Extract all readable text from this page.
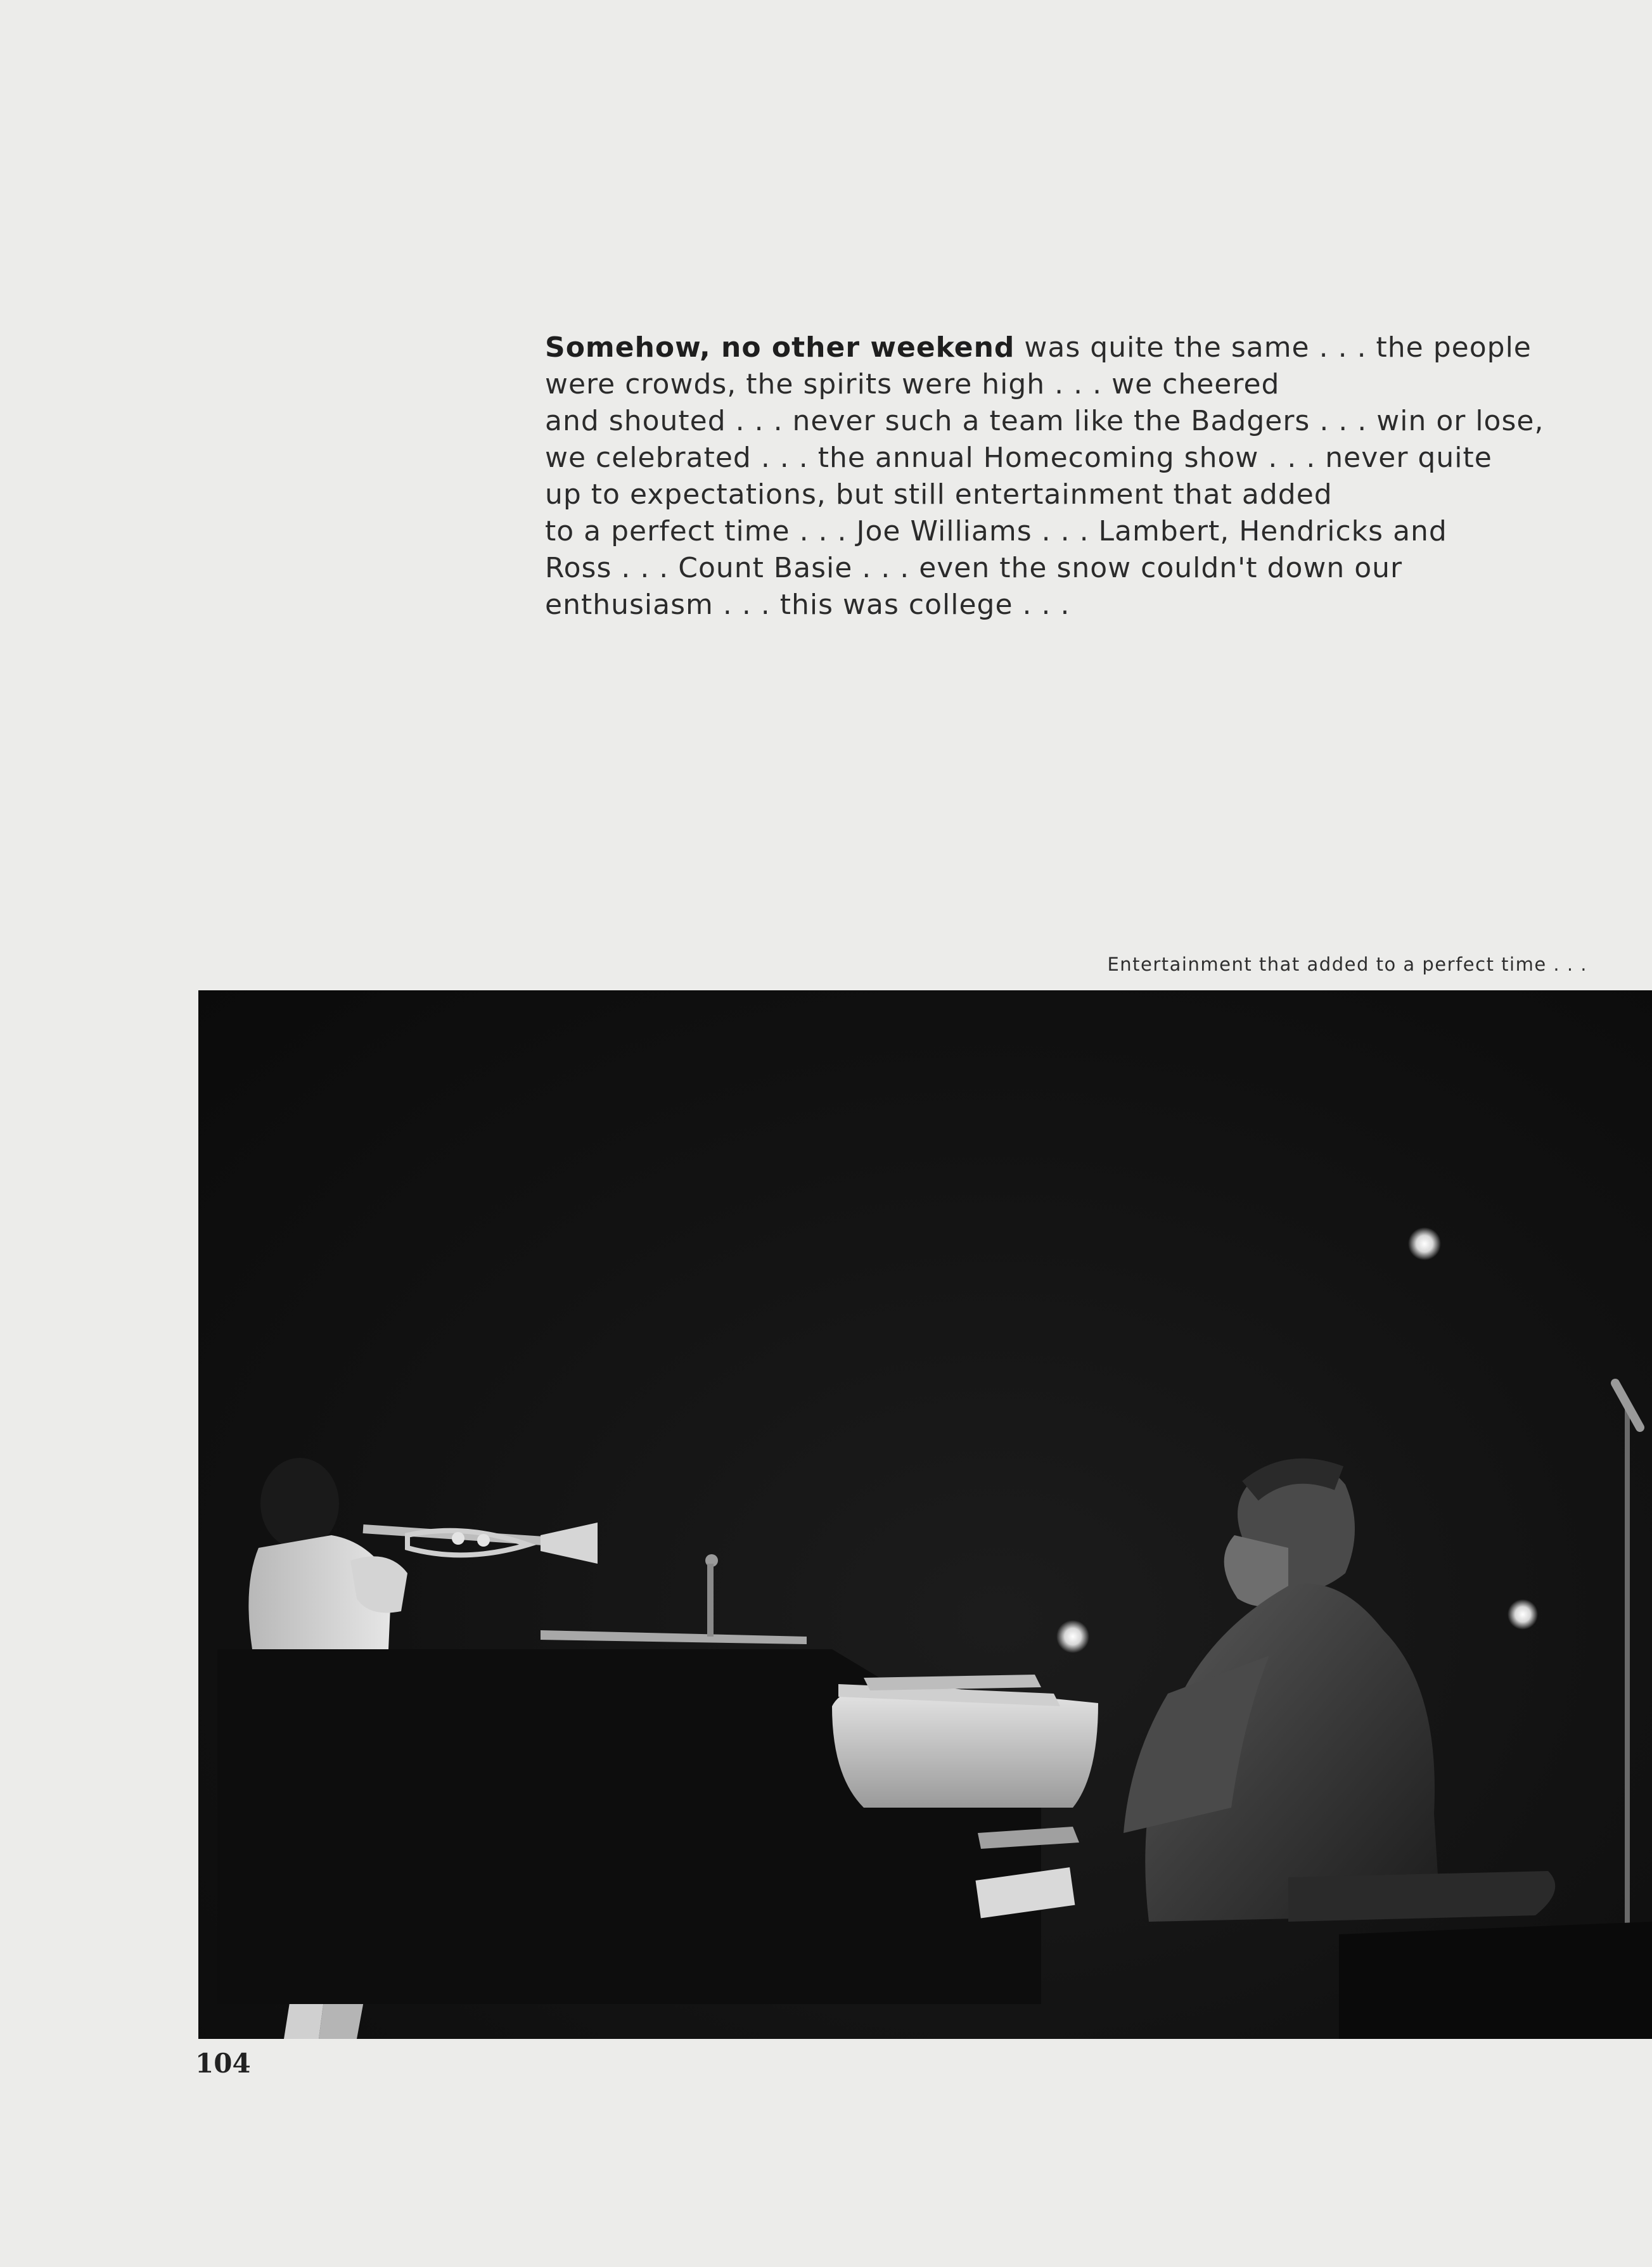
Somehow, no other weekend was quite the same . . . the people
were crowds, the spirits were high . . . we cheered
and shouted . . . never such a team like the Badgers . . . win or lose,
we celebrated . . . the annual Homecoming show . . . never quite
up to expectations, but still entertainment that added
to a perfect time . . . Joe Williams . . . Lambert, Hendricks and
Ross . . . Count Basie . . . even the snow couldn't down our
enthusiasm . . . this was college . . .
Entertainment that added to a perfect time . . .
104
